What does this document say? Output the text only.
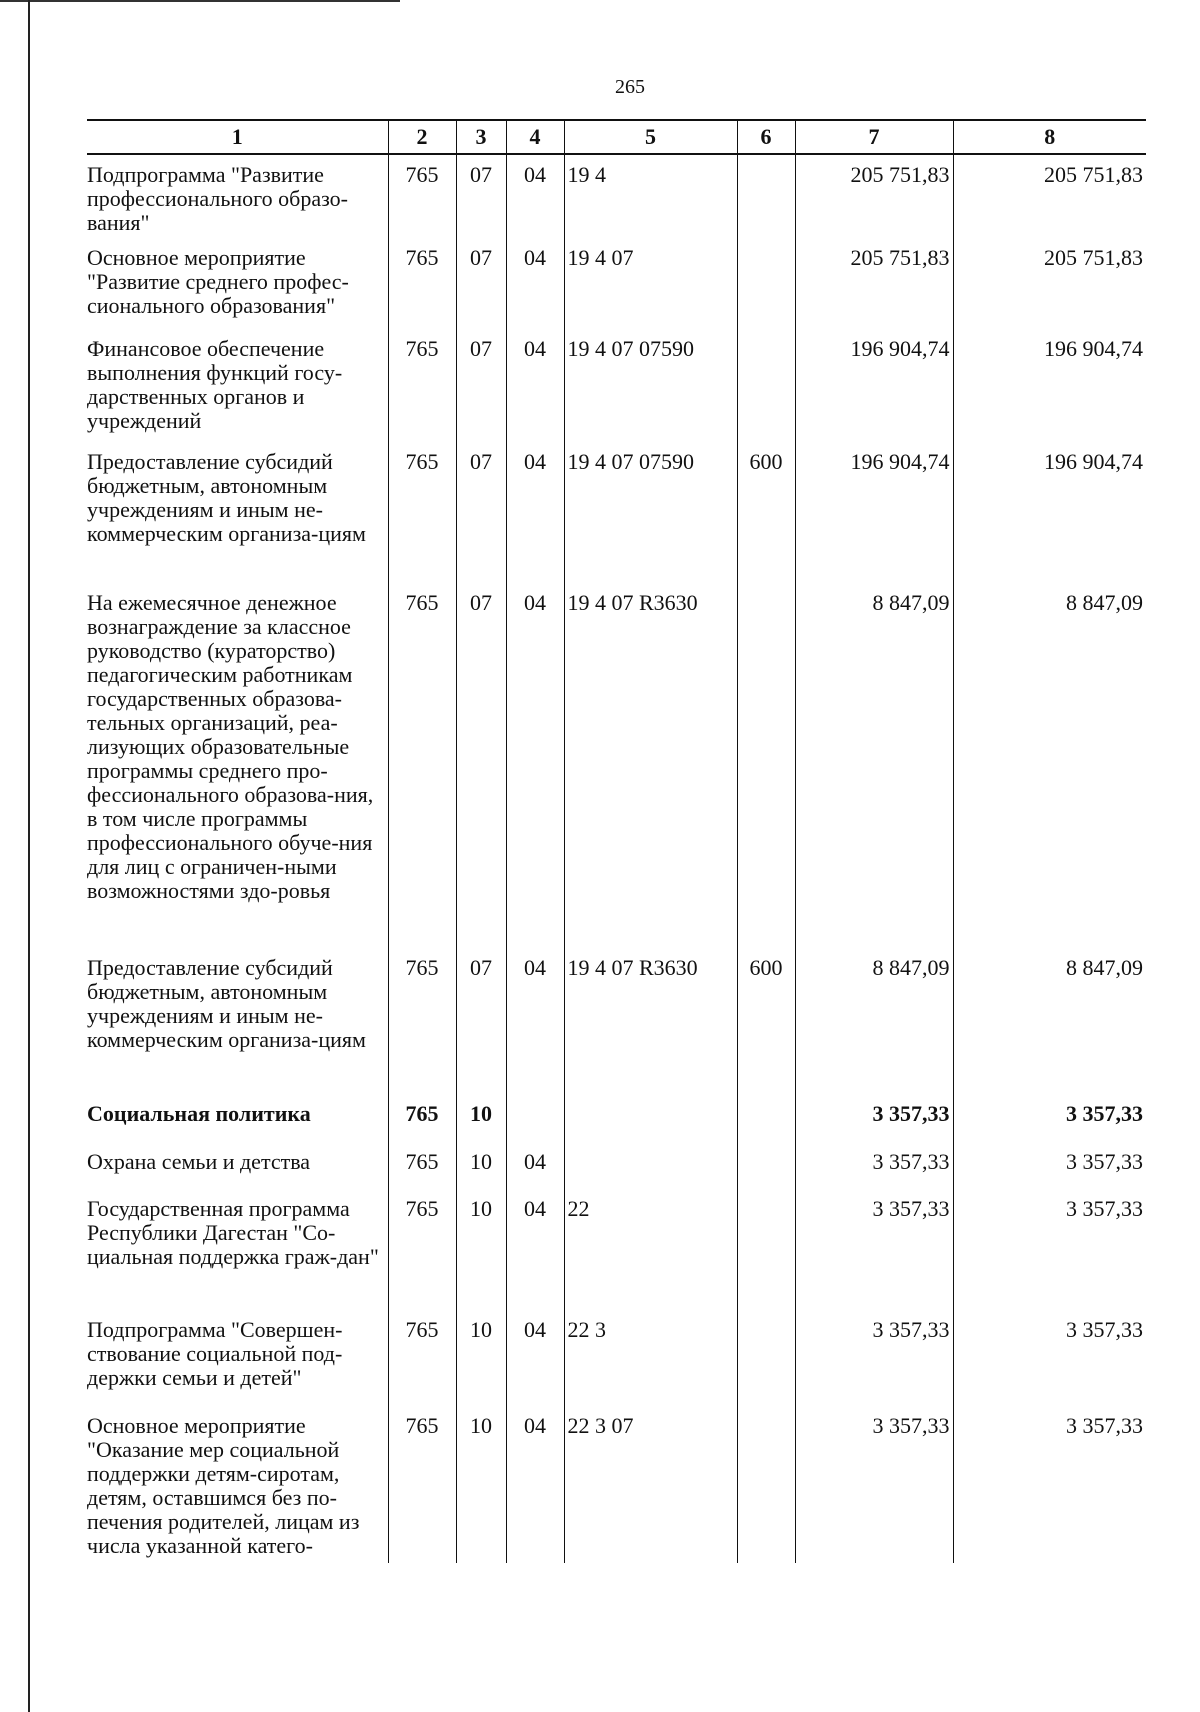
265
1	2	3	4	5	6	7	8
Подпрограмма "Развитие профессионального образо-вания"	765	07	04	19 4		205 751,83	205 751,83
Основное мероприятие "Развитие среднего профес-сионального образования"	765	07	04	19 4 07		205 751,83	205 751,83
Финансовое обеспечение выполнения функций госу-дарственных органов и учреждений	765	07	04	19 4 07 07590		196 904,74	196 904,74
Предоставление субсидий бюджетным, автономным учреждениям и иным не-коммерческим организа-циям	765	07	04	19 4 07 07590	600	196 904,74	196 904,74
На ежемесячное денежное вознаграждение за классное руководство (кураторство) педагогическим работникам государственных образова-тельных организаций, реа-лизующих образовательные программы среднего про-фессионального образова-ния, в том числе программы профессионального обуче-ния для лиц с ограничен-ными возможностями здо-ровья	765	07	04	19 4 07 R3630		8 847,09	8 847,09
Предоставление субсидий бюджетным, автономным учреждениям и иным не-коммерческим организа-циям	765	07	04	19 4 07 R3630	600	8 847,09	8 847,09
Социальная политика	765	10				3 357,33	3 357,33
Охрана семьи и детства	765	10	04			3 357,33	3 357,33
Государственная программа Республики Дагестан "Со-циальная поддержка граж-дан"	765	10	04	22		3 357,33	3 357,33
Подпрограмма "Совершен-ствование социальной под-держки семьи и детей"	765	10	04	22 3		3 357,33	3 357,33
Основное мероприятие "Оказание мер социальной поддержки детям-сиротам, детям, оставшимся без по-печения родителей, лицам из числа указанной катего-	765	10	04	22 3 07		3 357,33	3 357,33
